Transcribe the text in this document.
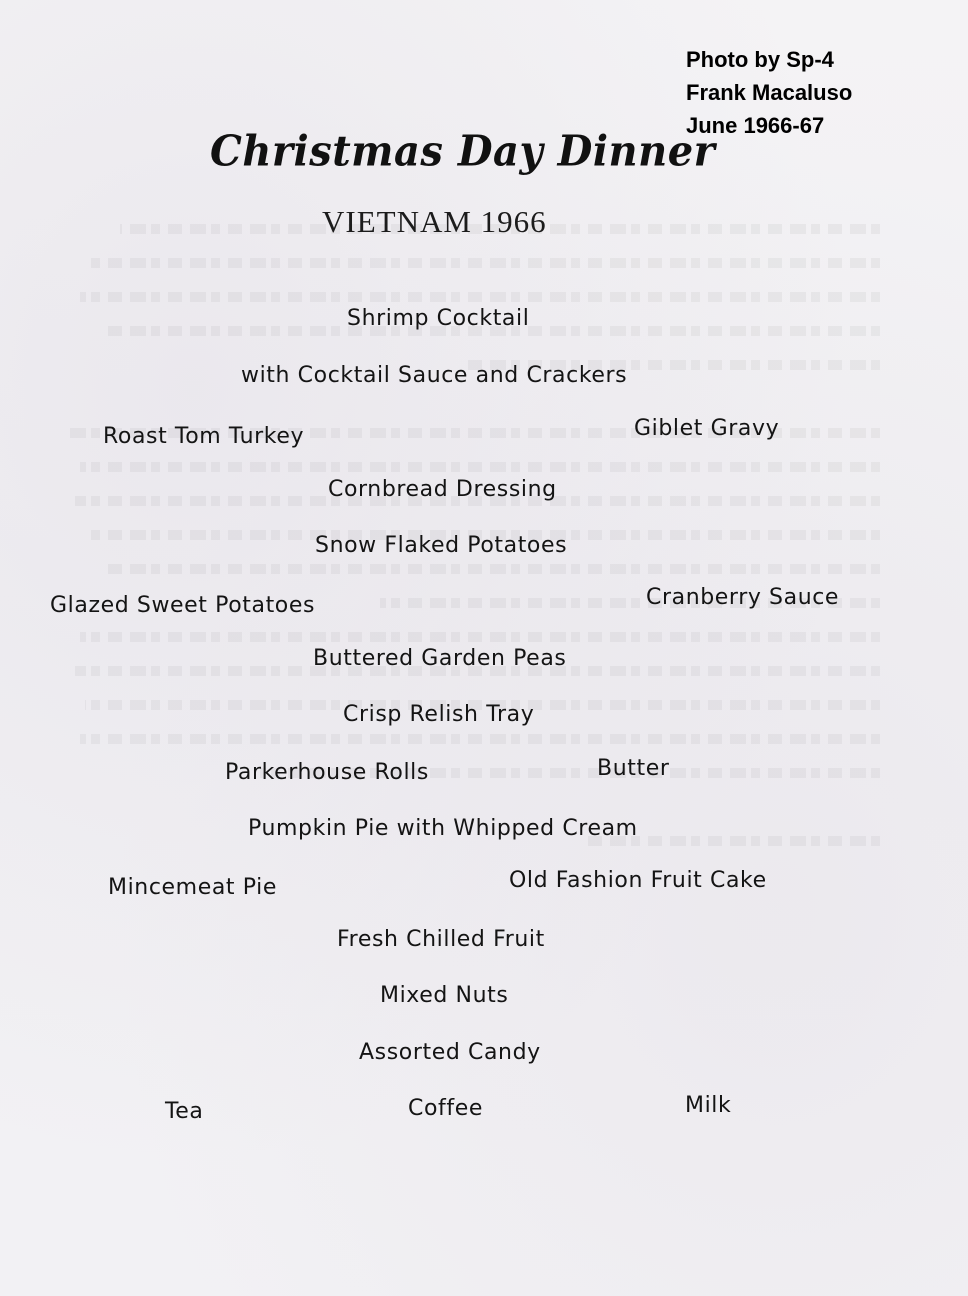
Photo by Sp-4
Frank Macaluso
June 1966-67
Christmas Day Dinner
VIETNAM 1966
Shrimp Cocktail
with Cocktail Sauce and Crackers
Roast Tom Turkey	Giblet Gravy
Cornbread Dressing
Snow Flaked Potatoes
Glazed Sweet Potatoes	Cranberry Sauce
Buttered Garden Peas
Crisp Relish Tray
Parkerhouse Rolls	Butter
Pumpkin Pie with Whipped Cream
Mincemeat Pie	Old Fashion Fruit Cake
Fresh Chilled Fruit
Mixed Nuts
Assorted Candy
Tea	Coffee	Milk
